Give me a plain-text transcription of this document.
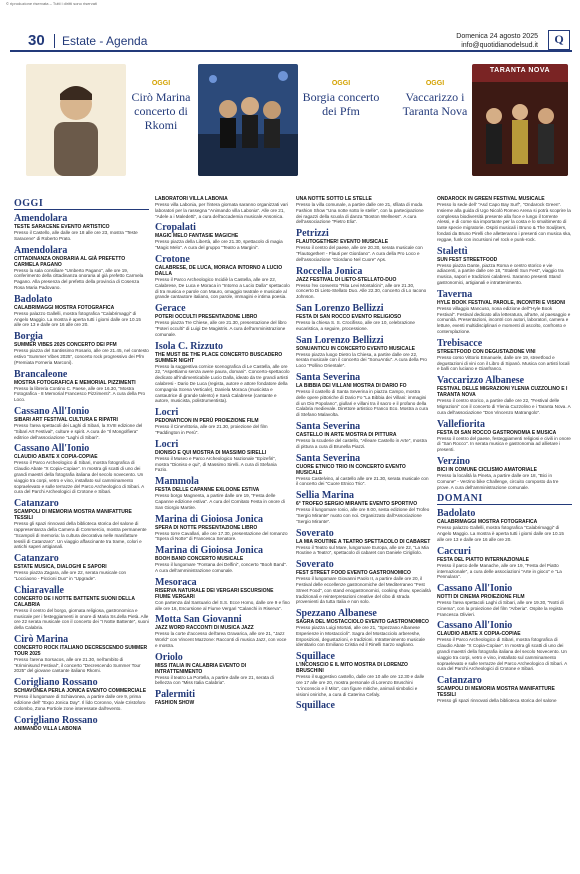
© riproduzione riservata – Tutti i diritti sono riservati
30 Estate - Agenda	Domenica 24 agosto 2025
info@quotidianodelsud.it	Q
OGGI
Cirò Marina concerto di Rkomi
OGGI
Borgia concerto dei Pfm
OGGI
Vaccarizzo i Taranta Nova
TARANTA NOVA
OGGI
Amendolara
TESTE SARACENE EVENTO ARTISTICO
Presso il Castello, alle dalle ore 18 alle ore 23, mostra "Teste Saracene" di Roberto Prato.
Amendolara
CITTADINANZA ONORARIA AL GIÀ PREFETTO CARMELA PAGANO
Presso la sala consiliare "Umberto Pagano", alle ore 19, conferimento della cittadinanza onoraria al già prefetto Carmela Pagano. Alla presenza del prefetto della provincia di Cosenza Rosa Maria Padovano.
Badolato
CALABRIMAGGI MOSTRA FOTOGRAFICA
Presso palazzo Gallelli, mostra fotografica "Calabrimaggi" di Angelo Maggio. La mostra è aperta tutti i giorni dalle ore 10.15 alle ore 13 e dalle ore 16 alle ore 20.
Borgia
SUMMER VIBES 2025 CONCERTO DEI PFM
Presso piazza del Santissimo Rosario, alle ore 21.45, nel contesto estivo "Summer Vibes 2025", concerto rock progressivo dei Pfm (Premiata Forneria Marconi).
Brancaleone
MOSTRA FOTOGRAFICA E MEMORIAL PIZZIMENTI
Presso la libreria Contino C. Paese, alle ore 16.30, "Mostra Fotografica - 8 Memorial Francesco Pizzimenti". A cura della Pro Loco.
Cassano All'Ionio
SIBARI ART FESTIVAL CULTURA E RIPATRI
Presso l'area spettacoli dei Laghi di Sibari, la XVIII edizione del "Sibari Art Festival", culture e spirit. A cura de "Il Mongolfiera" editrice dell'associazione "Laghi di Sibari".
Cassano All'Ionio
CLAUDIO ABATE X COPIA-COPIAE
Presso il Parco Archeologico di Sibari, mostra fotografica di Claudio Abate "X Copia-Copiae". In mostra gli scatti di uno dei grandi maestri della fotografia italiana del secolo novecento. Un viaggio tra corpi, vetro e vino, installato sul camminamento sopraelevato e sulle terrazze del Parco Archeologico di Sibari. A cura del Parchi Archeologici di Crotone e Sibari.
Catanzaro
SCAMPOLI DI MEMORIA MOSTRA MANIFATTURE TESSILI
Presso gli spazi rinnovati della biblioteca storica del salone di rappresentanza della Camera di Commercio, mostra permanente "Scampoli di memoria: la cultura decorativa nelle manifatture tessili di Catanzaro". Un viaggio affascinante tra trame, colori e antichi saperi artigianali.
Catanzaro
ESTATE MUSICA, DIALOGHI E SAPORI
Presso piazza Zagara, alle ore 22, serata musicale con "Locciaono - Piccioni Duo" in "Upgrade".
Chiaravalle
CONCERTO DE I NOTTE BATTENTE SUONI DELLA CALABRIA
Presso il centro del borgo, giornata religiosa, gastronomica e musicale per i festeggiamenti in onore di Maria Ss.della Pietà. Alle ore 22 serata musicale con il concerto dei "I Notte Battente", suoni della Calabria.
Cirò Marina
CONCERTO ROCK ITALIANO DECRESCENDO SUMMER TOUR 2025
Presso l'arena Sorsacos, alle ore 21.30, nell'ambito di "Kriminisund Festival", il concerto "Decrescendo Summer Tour 2025" del giovane cantante italiano Rkomi.
Corigliano Rossano
SCHIAVONEA PERLA JONICA EVENTO COMMERCIALE
Presso il lungomare di Schiavonea, a partire dalle ore 9, prima edizione dell' "Expo Jonica Day". Il lido Coronno, Viale Cristoforo Colombo, Zona Portiole zone interessate dall'evento.
Corigliano Rossano
ANIMANDO VILLA LABONIA
LABORATORI VILLA LABONIA
Presso villa Labonia, per l'intera giornata saranno organizzati vari laboratori per la rassegna "Animando villa Labonia". Alle ore 21, "Adele a i Maledetti", a cura dell'accademia musicale Ansonica.
Cropalati
MAGIC MELO FANTASIE MAGICHE
Presso piazza della Libertà, alle ore 21.30, spettacolo di magia "Magic Melo". A cura del gruppo "Teatro a Margini".
Crotone
CALABRESE, DE LUCA, MORACA INTORNO A LUCIO DALLA
Presso il Parco Archeologico Incidiè la Castella, alle ore 22, Calabrese, De Luca e Moraca in "Intorno a Lucio Dalla" spettacolo di tra musica e parole con Mauro, omaggio teatrale e musicale al grande cantautore italiano, con parole, immagini e intima poesia.
Gerace
POTERI OCCULTI PRESENTAZIONE LIBRO
Presso piazza Tre Chiese, alle ore 21.30, presentazione del libro "Poteri occulti" di Luigi De Magistris. A cura dell'amministrazione comunale.
Isola C. Rizzuto
THE MUST BE THE PLACE CONCERTO BUSCADERO SUMMER NIGHT
Presso la suggestiva cornice scenografica di Le Castella, alle ore 22, "Aspettiamo senza avere paura, domani". Concerto-spettacolo dedicato all'indimenticabile Lucio Dalla, ideato da tre grandi artisti calabresi - Dario De Luca (regista, autore e attore fondatore della compagnia Scena Verticale), Daniela Moraca (musicista e cantautrice di grande talento) e Sasà Calabrese (cantante e autore, musicista, polistrumentista).
Locri
PEDONATICON IN PERÙ PROIEZIONE FILM
Presso il CineVittoria, alle ore 21.30, proiezione del film "Paddington in Perù".
Locri
DIONISO E QUI MOSTRA DI MASSIMO SIRELLI
Presso il Museo e Parco Archeologico Nazionale "Epizefiri", mostra "Dioniso e qui", di Massimo Sirelli. A cura di Stefania Fazio.
Mammola
FESTA DELLE CAPANNE EXLOONE ESTIVA
Presso borgo Magnenta, a partire dalle ore 19, "Festa delle Capanne edizione estiva". A cura del Comitato Festa in onore di San Giorgio Martire.
Marina di Gioiosa Jonica
SPERA DI NOTTE PRESENTAZIONE LIBRO
Presso torre Cavallari, alle ore 17.30, presentazione del romanzo "Spera di Notte" di Francesca Senatore.
Marina di Gioiosa Jonica
BOOH BAND CONCERTO MUSICALE
Presso il lungomare "Fontana dei Delfini", concerto "Booh Band". A cura dell'amministrazione comunale.
Mesoraca
RISERVA NATURALE DEI VERGARI ESCURSIONE FIUME VERGARI
Con partenza dal Santuario del S.S. Ecce Homo, dalle ore 9 e fino alle ore 16, Escursione al Fiume Vergari "Calanchi in Riserva".
Motta San Giovanni
JAZZ WORD RACCONTI DI MUSICA JAZZ
Presso la corte d'accesso dell'area Gravarica, alle ore 21, "Jazz World" con Vincent Mazzone: Racconti di musica Jazz, con voce e mostra.
Oriolo
MISS ITALIA IN CALABRIA EVENTO DI INTRATTENIMENTO
Presso il teatro La Portella, a partire dalle ore 21, serata di bellezza con "Miss Italia Calabria".
Palermiti
FASHION SHOW
UNA NOTTE SOTTO LE STELLE
Presso la villa comunale, a partire dalle ore 21, sfilata di moda Fashion Show "Una notte sotto le stelle", con la partecipazione dei ragazzi della scuola di danza "Boston Wellness". A cura dell'associazione "Pietro Elia".
Petrizzi
FLAUTOGETHER! EVENTO MUSICALE
Presso il centro del paese, alle ore 20.30, serata musicale con "Flautogether! - Flauti per Giordano". A cura della Pro Loco e dell'associazione "Giordano Nel Cuore" Aps.
Roccella Jonica
JAZZ FESTIVAL DI LIETO-STELLATO-DUO
Presso l'ex convento "Rita Levi Montalcini", alle ore 21.30, concerto Di Lieto-Stellato Duo. Alle 22.30, concerto di Lo Iacono Johnson.
San Lorenzo Bellizzi
FESTA DI SAN ROCCO EVENTO RELIGIOSO
Presso la chiesa S. S. Crocifisso, alle ore 10, celebrazione eucaristica, a seguire, processione.
San Lorenzo Bellizzi
SONUANTICU IN CONCERTO EVENTO MUSICALE
Presso piazza luogo Dietro la Chiesa, a partire dalle ore 22, serata musicale con il concerto dei "SonuAntiu". A cura della Pro Loco "Pollino Orientale".
Santa Severina
LA BIBBIA DEI VILLANI MOSTRA DI DARIO FO
Presso il castello di Santa Severina in piazza Campo, mostra delle opere pittoriche di Dario Fo "La Bibbia dei Villani: immagini di un Dio Popolano", giullari e villani tra il sacro e il profano della Calabria medievale. Direttore artistico Franco Eco. Mostra a cura di Stefano Malavolta.
Santa Severina
CASTELLO IN ARTE MOSTRA DI PITTURA
Presso la scuderie del castello, "Alleare Castello in Arte", mostra di pittura a cura di Brunella Piazzi.
Santa Severina
CUORE ETNICO TRIO IN CONCERTO EVENTO MUSICALE
Presso Castelvino, al castello alle ore 21.30, serata musicale con il concerto dei "Cuore Etnico Trio".
Sellia Marina
6° TROFEO SERGIO MIRANTE EVENTO SPORTIVO
Presso il lungomare Ionio, alle ore 9.00, sesta edizione del Trofeo "Sergio Mirante" nuoto con noi. Organizzato dall'Associazione "Sergio Mirante".
Soverato
LA MIA ROUTINE A TEATRO SPETTACOLO DI CABARET
Presso il Teatro sul Mare, lungomare Europa, alle ore 22, "La Mia Routine a Teatro", spettacolo di cabaret con Daniele Cirigliolo.
Soverato
FEST STREET FOOD EVENTO GASTRONOMICO
Presso il lungomare Giovanni Paolo II, a partire dalle ore 20, il Festival delle eccellenze gastronomiche del Mediterraneo "Fest Street Food", con stand enogastronomici, cooking show, specialità tradizionali e reinterpretazioni creative del cibo di strada provenienti da tutta Italia e non solo.
Spezzano Albanese
SAGRA DEL MOSTACCIOLO EVENTO GASTRONOMICO
Presso piazza Luigi Mortati, alle ore 21, "Spezzano Albanese Esperienze in Mostaccioli". Sagra del Mostacciolo arbereshe, Esposizioni, degustazioni, e tradizioni. Intrattenimento musicale identitario con Emiliano Cristia ed il Rinelli Sarzo vagliano.
Squillace
L'INCONSCIO E IL MITO MOSTRA DI LORENZO BRUSCHINI
Presso il suggestivo castello, dalle ore 10 alle ore 12.30 e dalle ore 17 alle ore 20, mostra personale di Lorenzo Bruschini "L'inconscio e il Mito", con figure mitiche, animali simbolici e visioni oniriche, a cura di Caterina Cefaly.
Squillace
ONDAROCK IN GREEN FESTIVAL MUSICALE
Presso lo sede dell' "Asd Capo Bay Surf", "Ondarock Green". Insieme alla guida di Ugo Nicolò Romeo Arena si potrà scoprire la complessa biodiversità presente alla foce e lungo il torrente Alessi, e di come sia importante per la costa e lo smaltimento di tante specie migratorie. Ospiti musicali i Bruno & The Souljiters, fondati da Bruno Pirelli che alletteranno i presenti con musica ska, reggae, funk con incursioni nel rock e punk-rock.
Stalettì
SUN FEST STREETFOOD
Presso piazza Dante, piazza Roma e centro storico e vie adiacenti, a partire dalle ore 18, "Stalettì Sun Fest", viaggio tra musica, sapori e tradizioni calabresi. Saranno presenti Stand gastronomici, artigianali e intrattenimento.
Taverna
HYLE BOOK FESTIVAL PAROLE, INCONTRI E VISIONI
Presso villaggio Mancuso, nona edizione dell'"Hyle Book Festival". Festival dedicato alla letteratura, all'arte, al paesaggio e comunità. Presentazioni, incontri con autori, laboratori, camera e letture, eventi multidisciplinari e momenti di ascolto, confronto e contemplazione.
Trebisacce
STREETFOOD CON DEGUSTAZIONE VINI
Presso corso Vittorio Emanuele, dalle ore 19, streetfood e degustazioni di vini con il Libro di Sipanò. Musica con artisti locali e balli con luciano e Gianfranco.
Vaccarizzo Albanese
FESTIVAL DELLE MIGRAZIONI YLENIA CUZZOLINO E I TARANTA NOVA
Presso il centro storico, a partire dalle ore 22, "Festival delle Migrazioni" con il concerto di Ylenia Cuzzolino e i Taranta Nova. A cura dell'associazione "Don Vincenzo Matrangolo".
Vallefiorita
FESTA DI SAN ROCCO GASTRONOMIA E MUSICA
Presso il centro del paese, festeggiamenti religiosi e civili in onore di "San Rocco". In serata musica e gastronomia ad allietare i presenti.
Verzino
BICI IN COMUNE CICLISMO AMATORIALE
Presso la località la Pineta, a partire dalle ore 18, "Bici in Comune" - Verzino bike Challenge, circuito composto da tre prove. A cura dell'amministrazione comunale.
DOMANI
Badolato
CALABRIMAGGI MOSTRA FOTOGRAFICA
Presso palazzo Gallelli, mostra fotografica "Calabrimaggi" di Angelo Maggio. La mostra è aperta tutti i giorni dalle ore 10.15 alle ore 13 e dalle ore 16 alle ore 20.
Caccuri
FESTA DEL PIATTO INTERNAZIONALE
Presso il parco delle Manache, alle ore 19, "Festa del Piatto internazionale", a cura delle associazioni "Arte in gioco" e "La Pennulara".
Cassano All'Ionio
NOTTI DI CINEMA PROIEZIONE FILM
Presso l'area spettacoli Laghi di Sibari, alle ore 19.30, "Notti di Cinema", con la proiezione del film "Arberia". Ospite la regista Francesca Olivieri.
Cassano All'Ionio
CLAUDIO ABATE X COPIA-COPIAE
Presso il Parco Archeologico di Sibari, mostra fotografica di Claudio Abate "X Copia-Copiae". In mostra gli scatti di uno dei grandi maestri della fotografia italiana del secolo Novecento. Un viaggio tra corpi, vetro e vino, installato sul camminamento sopraelevato e sulle terrazze del Parco Archeologico di Sibari. A cura del Parchi Archeologici di Crotone e Sibari.
Catanzaro
SCAMPOLI DI MEMORIA MOSTRA MANIFATTURE TESSILI
Presso gli spazi rinnovati della biblioteca storica del salone
